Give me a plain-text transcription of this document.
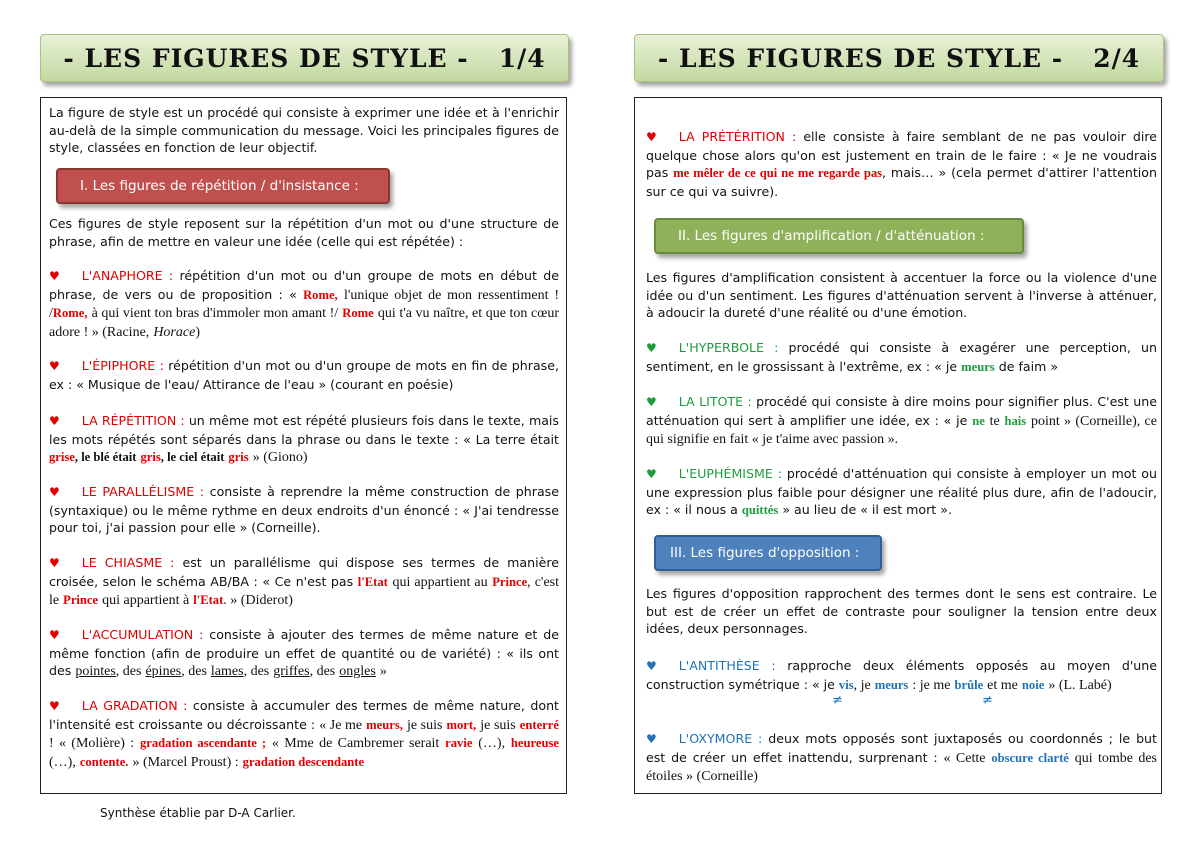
- LES FIGURES DE STYLE - 1/4

La figure de style est un procédé qui consiste à exprimer une idée et à l'enrichir au-delà de la simple communication du message. Voici les principales figures de style, classées en fonction de leur objectif.

I. Les figures de répétition / d'insistance :

Ces figures de style reposent sur la répétition d'un mot ou d'une structure de phrase, afin de mettre en valeur une idée (celle qui est répétée) :

♥ L'ANAPHORE : répétition d'un mot ou d'un groupe de mots en début de phrase, de vers ou de proposition : « Rome, l'unique objet de mon ressentiment ! /Rome, à qui vient ton bras d'immoler mon amant !/ Rome qui t'a vu naître, et que ton cœur adore ! » (Racine, Horace)

♥ L'ÉPIPHORE : répétition d'un mot ou d'un groupe de mots en fin de phrase, ex : « Musique de l'eau/ Attirance de l'eau » (courant en poésie)

♥ LA RÉPÉTITION : un même mot est répété plusieurs fois dans le texte, mais les mots répétés sont séparés dans la phrase ou dans le texte : « La terre était grise, le blé était gris, le ciel était gris » (Giono)

♥ LE PARALLÉLISME : consiste à reprendre la même construction de phrase (syntaxique) ou le même rythme en deux endroits d'un énoncé : « J'ai tendresse pour toi, j'ai passion pour elle » (Corneille).

♥ LE CHIASME : est un parallélisme qui dispose ses termes de manière croisée, selon le schéma AB/BA : « Ce n'est pas l'Etat qui appartient au Prince, c'est le Prince qui appartient à l'Etat. » (Diderot)

♥ L'ACCUMULATION : consiste à ajouter des termes de même nature et de même fonction (afin de produire un effet de quantité ou de variété) : « ils ont des pointes, des épines, des lames, des griffes, des ongles »

♥ LA GRADATION : consiste à accumuler des termes de même nature, dont l'intensité est croissante ou décroissante : « Je me meurs, je suis mort, je suis enterré ! « (Molière) : gradation ascendante ; « Mme de Cambremer serait ravie (…), heureuse (…), contente. » (Marcel Proust) : gradation descendante

Synthèse établie par D-A Carlier.
- LES FIGURES DE STYLE - 2/4

♥ LA PRÉTÉRITION : elle consiste à faire semblant de ne pas vouloir dire quelque chose alors qu'on est justement en train de le faire : « Je ne voudrais pas me mêler de ce qui ne me regarde pas, mais… » (cela permet d'attirer l'attention sur ce qui va suivre).

II. Les figures d'amplification / d'atténuation :

Les figures d'amplification consistent à accentuer la force ou la violence d'une idée ou d'un sentiment. Les figures d'atténuation servent à l'inverse à atténuer, à adoucir la dureté d'une réalité ou d'une émotion.

♥ L'HYPERBOLE : procédé qui consiste à exagérer une perception, un sentiment, en le grossissant à l'extrême, ex : « je meurs de faim »

♥ LA LITOTE : procédé qui consiste à dire moins pour signifier plus. C'est une atténuation qui sert à amplifier une idée, ex : « je ne te hais point » (Corneille), ce qui signifie en fait « je t'aime avec passion ».

♥ L'EUPHÉMISME : procédé d'atténuation qui consiste à employer un mot ou une expression plus faible pour désigner une réalité plus dure, afin de l'adoucir, ex : « il nous a quittés » au lieu de « il est mort ».

III. Les figures d'opposition :

Les figures d'opposition rapprochent des termes dont le sens est contraire. Le but est de créer un effet de contraste pour souligner la tension entre deux idées, deux personnages.

♥ L'ANTITHÈSE : rapproche deux éléments opposés au moyen d'une construction symétrique : « je vis, je meurs : je me brûle et me noie » (L. Labé)

≠	≠

♥ L'OXYMORE : deux mots opposés sont juxtaposés ou coordonnés ; le but est de créer un effet inattendu, surprenant : « Cette obscure clarté qui tombe des étoiles » (Corneille)
